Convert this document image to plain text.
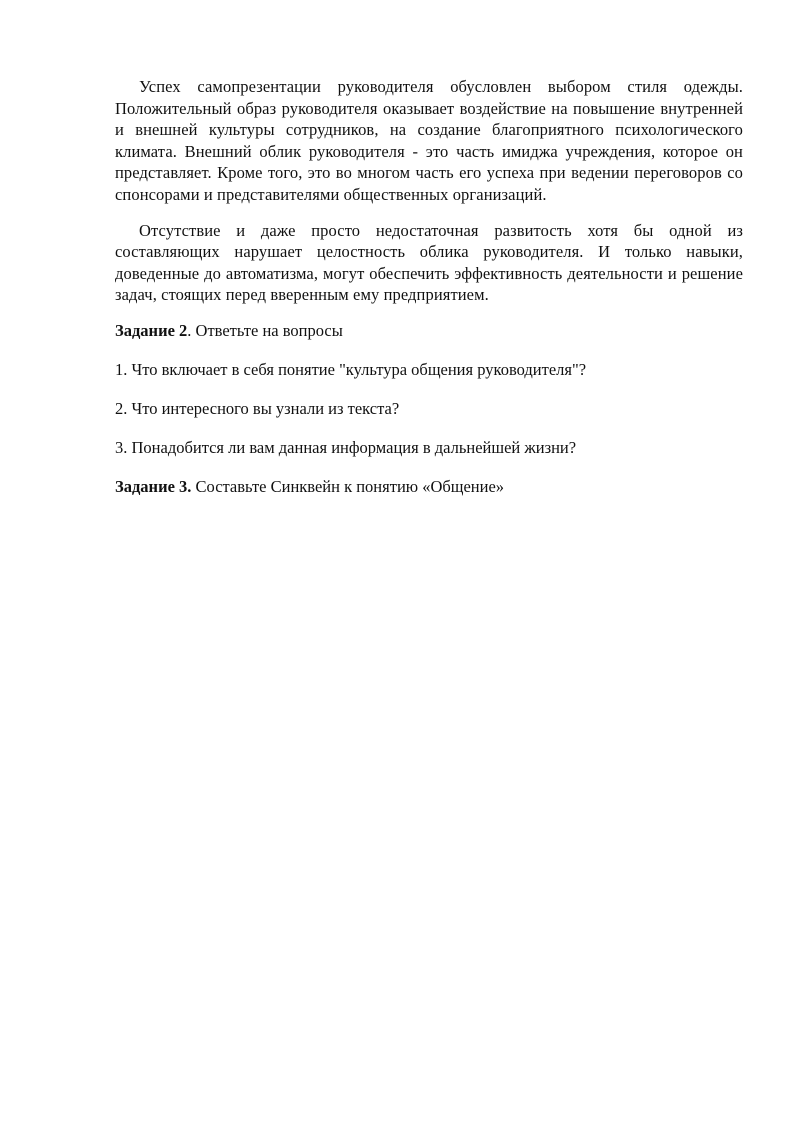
Успех самопрезентации руководителя обусловлен выбором стиля одежды. Положительный образ руководителя оказывает воздействие на повышение внутренней и внешней культуры сотрудников, на создание благоприятного психологического климата. Внешний облик руководителя - это часть имиджа учреждения, которое он представляет. Кроме того, это во многом часть его успеха при ведении переговоров со спонсорами и представителями общественных организаций.

Отсутствие и даже просто недостаточная развитость хотя бы одной из составляющих нарушает целостность облика руководителя. И только навыки, доведенные до автоматизма, могут обеспечить эффективность деятельности и решение задач, стоящих перед вверенным ему предприятием.

Задание 2. Ответьте на вопросы

1. Что включает в себя понятие "культура общения руководителя"?

2. Что интересного вы узнали из текста?

3. Понадобится ли вам данная информация в дальнейшей жизни?

Задание 3. Составьте Синквейн к понятию «Общение»
